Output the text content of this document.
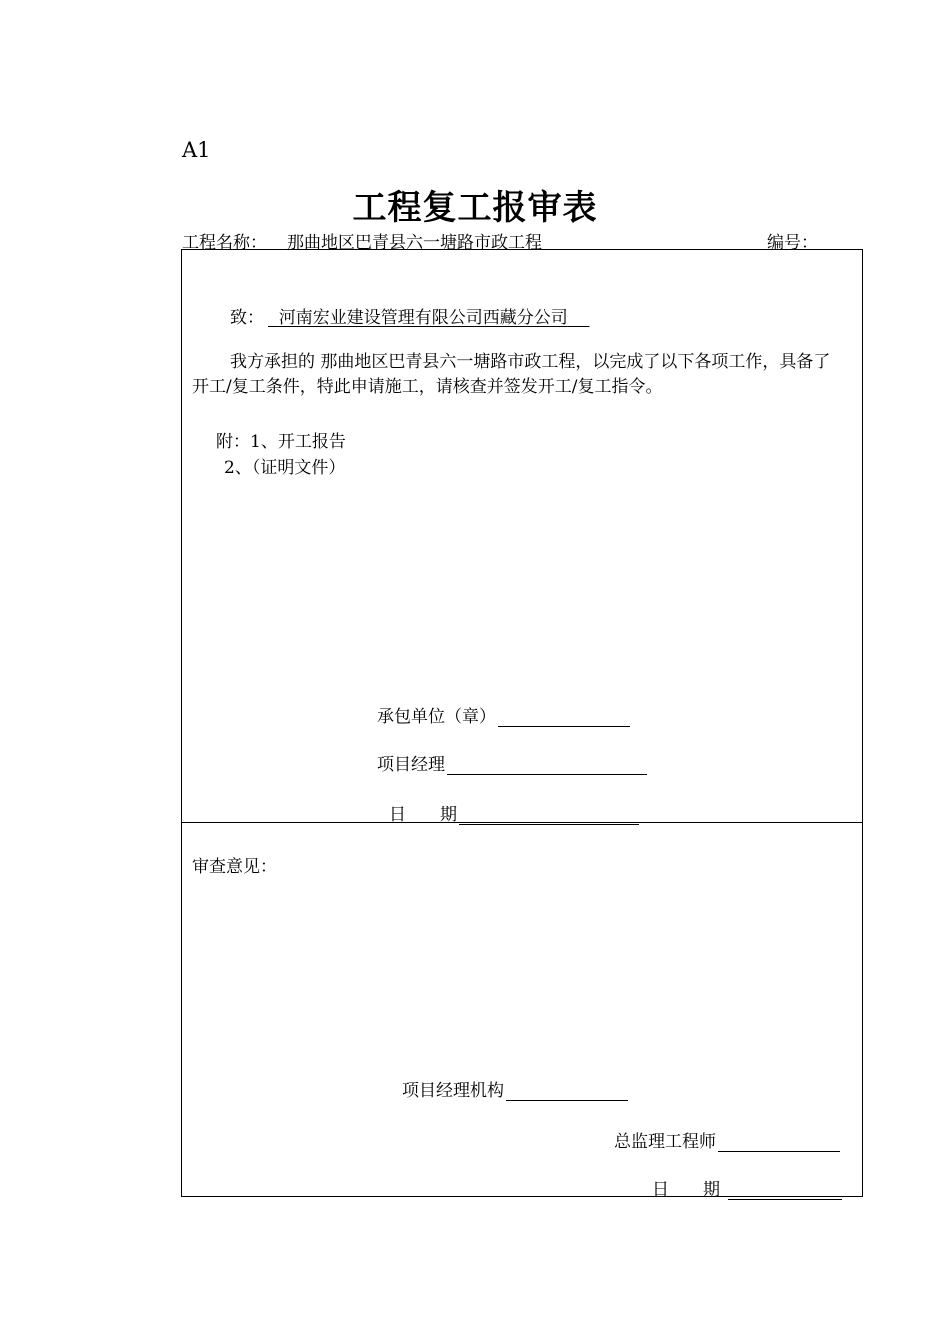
A1
工程复工报审表
工程名称： 那曲地区巴青县六一塘路市政工程	编号：
致： 河南宏业建设管理有限公司西藏分公司
我方承担的 那曲地区巴青县六一塘路市政工程，以完成了以下各项工作，具备了开工/复工条件，特此申请施工，请核查并签发开工/复工指令。
附：1、开工报告
2、（证明文件）
承包单位（章）
项目经理
日　　期
审查意见：
项目经理机构
总监理工程师
日　　期
